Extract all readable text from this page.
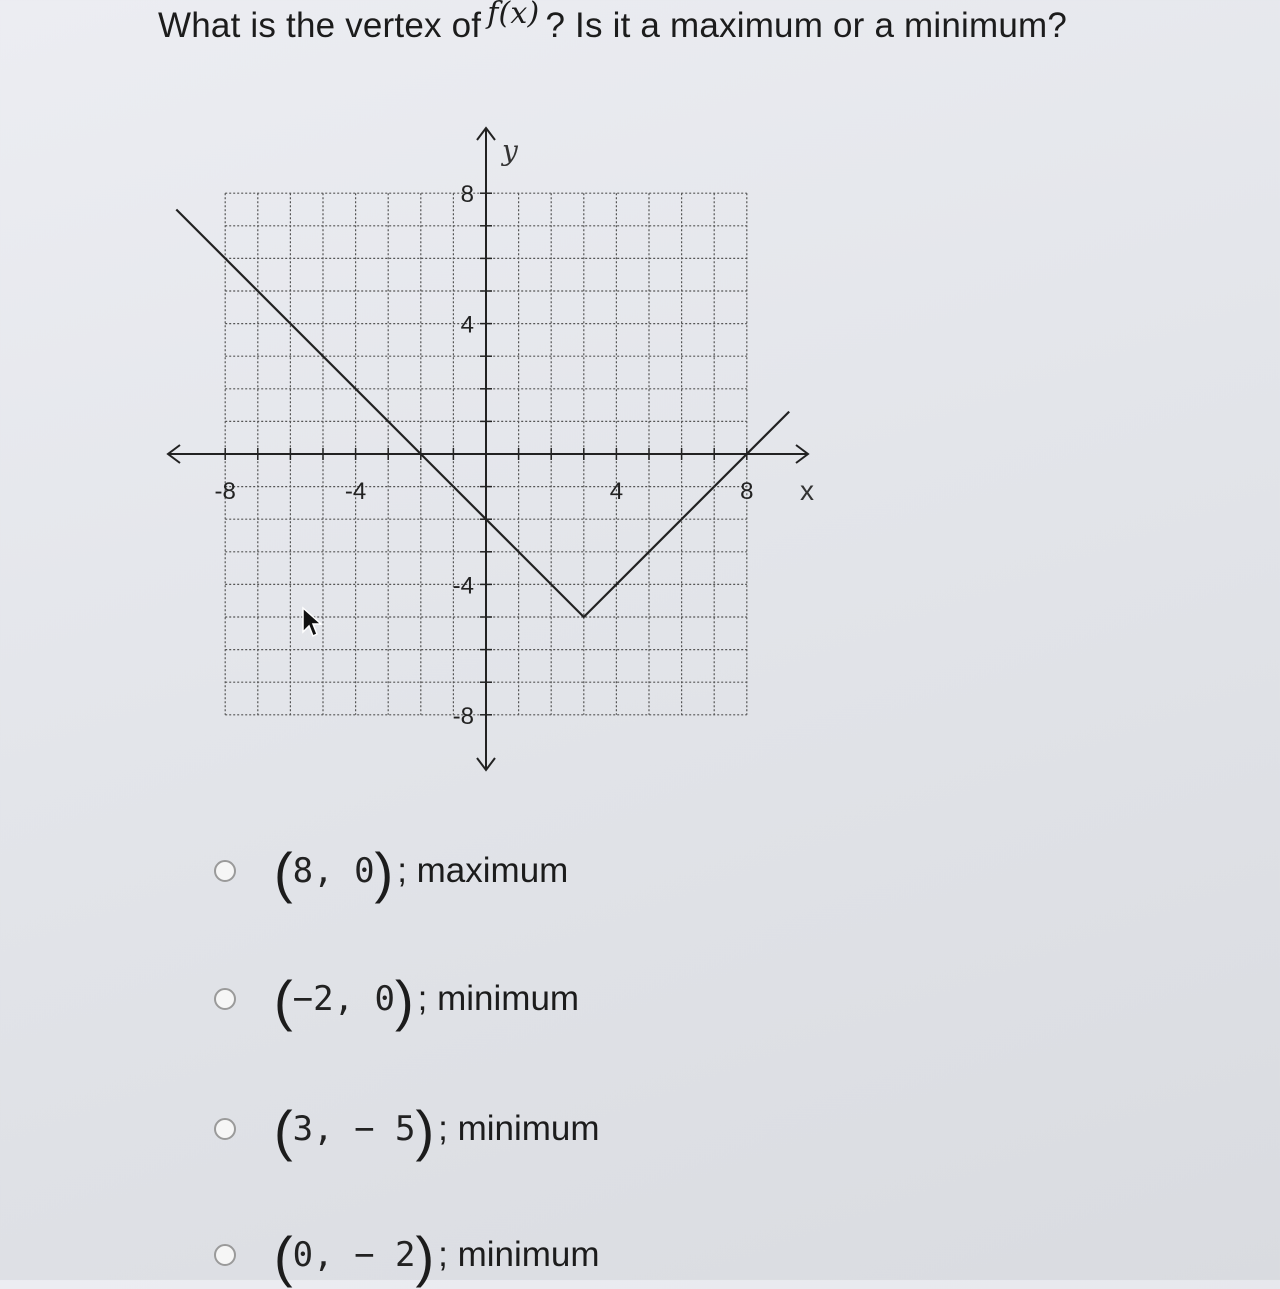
What is the vertex of f(x) ? Is it a maximum or a minimum?
x
y
-8	-4	4	8
8
4
-4
-8
( 8, 0 ) ; maximum
( −2, 0 ) ; minimum
( 3, − 5 ) ; minimum
( 0, − 2 ) ; minimum
